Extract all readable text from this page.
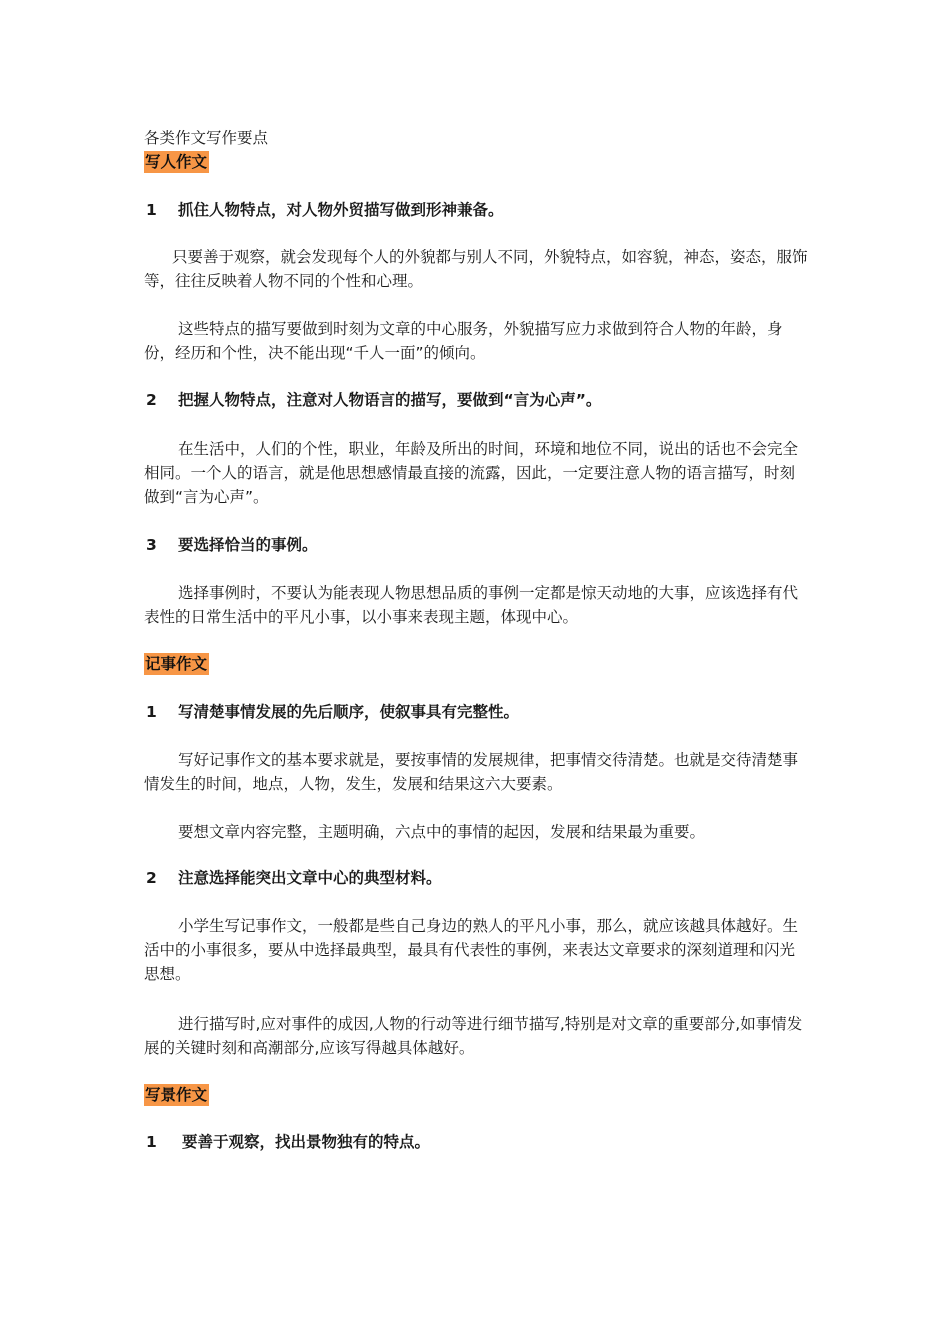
各类作文写作要点
写人作文
1 抓住人物特点，对人物外贸描写做到形神兼备。
只要善于观察，就会发现每个人的外貌都与别人不同，外貌特点，如容貌，神态，姿态，服饰等，往往反映着人物不同的个性和心理。
这些特点的描写要做到时刻为文章的中心服务，外貌描写应力求做到符合人物的年龄，身份，经历和个性，决不能出现“千人一面”的倾向。
2 把握人物特点，注意对人物语言的描写，要做到“言为心声”。
在生活中，人们的个性，职业，年龄及所出的时间，环境和地位不同，说出的话也不会完全相同。一个人的语言，就是他思想感情最直接的流露，因此，一定要注意人物的语言描写，时刻做到“言为心声”。
3 要选择恰当的事例。
选择事例时，不要认为能表现人物思想品质的事例一定都是惊天动地的大事，应该选择有代表性的日常生活中的平凡小事，以小事来表现主题，体现中心。
记事作文
1 写清楚事情发展的先后顺序，使叙事具有完整性。
写好记事作文的基本要求就是，要按事情的发展规律，把事情交待清楚。也就是交待清楚事情发生的时间，地点，人物，发生，发展和结果这六大要素。
要想文章内容完整，主题明确，六点中的事情的起因，发展和结果最为重要。
2 注意选择能突出文章中心的典型材料。
小学生写记事作文，一般都是些自己身边的熟人的平凡小事，那么，就应该越具体越好。生活中的小事很多，要从中选择最典型，最具有代表性的事例，来表达文章要求的深刻道理和闪光思想。
进行描写时,应对事件的成因,人物的行动等进行细节描写,特别是对文章的重要部分,如事情发展的关键时刻和高潮部分,应该写得越具体越好。
写景作文
1 要善于观察，找出景物独有的特点。
